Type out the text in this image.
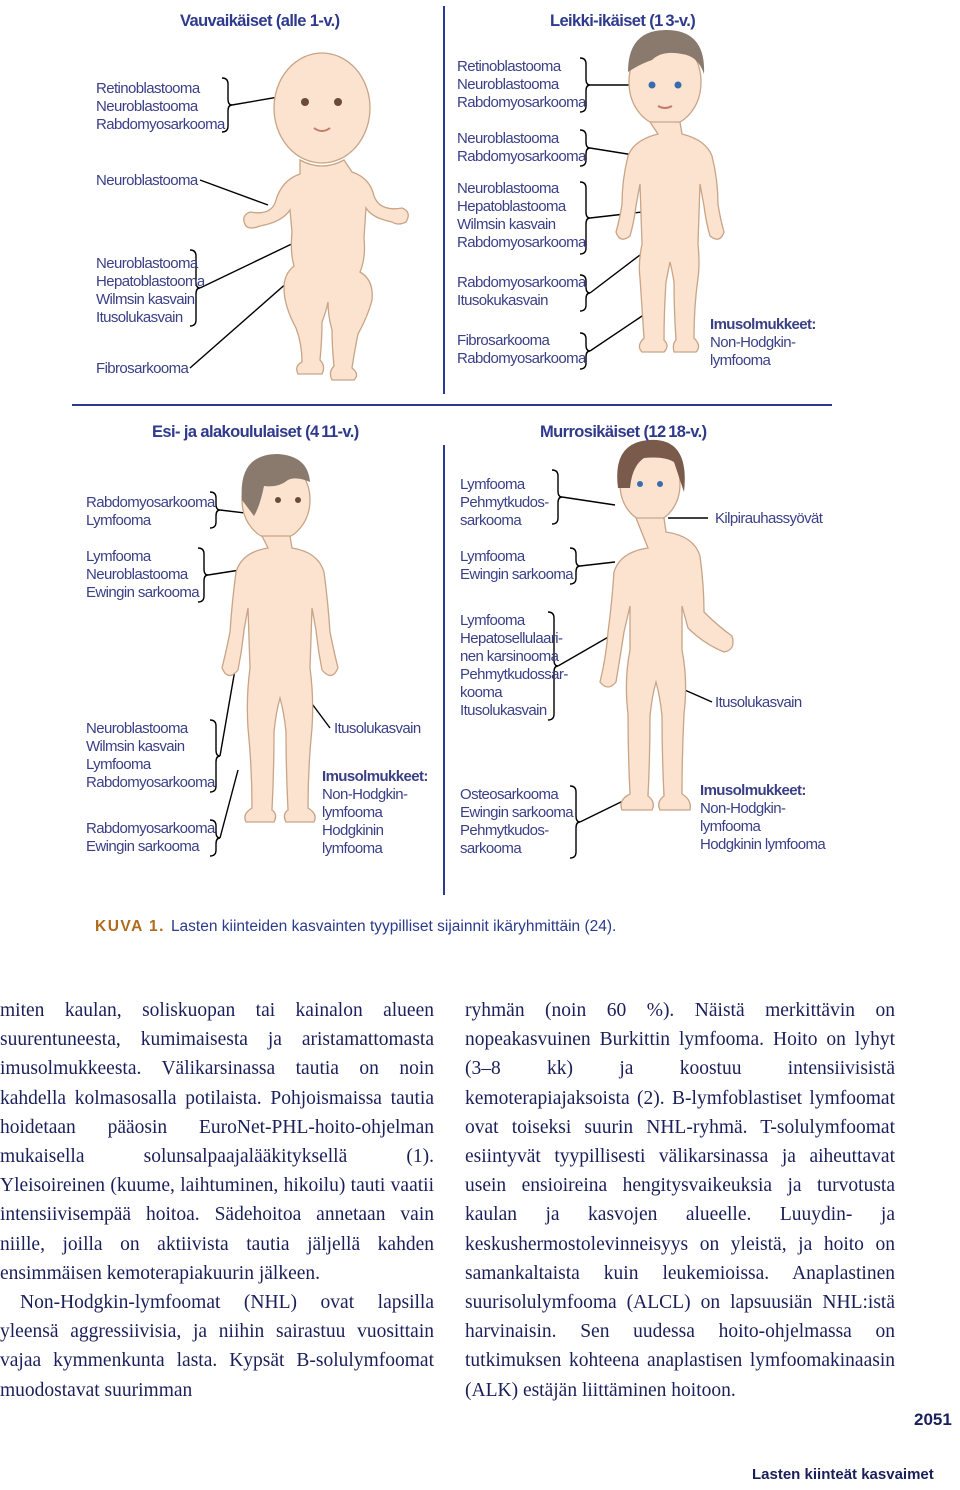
Vauvaikäiset (alle 1-v.)
Retinoblastooma
Neuroblastooma
Rabdomyosarkooma
Neuroblastooma
Neuroblastooma
Hepatoblastooma
Wilmsin kasvain
Itusolukasvain
Fibrosarkooma
Leikki-ikäiset (1 3-v.)
Retinoblastooma
Neuroblastooma
Rabdomyosarkooma
Neuroblastooma
Rabdomyosarkooma
Neuroblastooma
Hepatoblastooma
Wilmsin kasvain
Rabdomyosarkooma
Rabdomyosarkooma
Itusokukasvain
Fibrosarkooma
Rabdomyosarkooma
Imusolmukkeet:
Non-Hodgkin-
lymfooma
Esi- ja alakoululaiset (4 11-v.)
Rabdomyosarkooma
Lymfooma
Lymfooma
Neuroblastooma
Ewingin sarkooma
Neuroblastooma
Wilmsin kasvain
Lymfooma
Rabdomyosarkooma
Rabdomyosarkooma
Ewingin sarkooma
Itusolukasvain
Imusolmukkeet:
Non-Hodgkin-
lymfooma
Hodgkinin
lymfooma
Murrosikäiset (12 18-v.)
Lymfooma
Pehmytkudos-
sarkooma
Lymfooma
Ewingin sarkooma
Lymfooma
Hepatosellulaari-
nen karsinooma
Pehmytkudossar-
kooma
Itusolukasvain
Osteosarkooma
Ewingin sarkooma
Pehmytkudos-
sarkooma
Kilpirauhassyövät
Itusolukasvain
Imusolmukkeet:
Non-Hodgkin-
lymfooma
Hodgkinin lymfooma
KUVA 1. Lasten kiinteiden kasvainten tyypilliset sijainnit ikäryhmittäin (24).

miten kaulan, soliskuopan tai kainalon alueen suurentuneesta, kumimaisesta ja aristamattomasta imusolmukkeesta. Välikarsinassa tautia on noin kahdella kolmasosalla potilaista. Pohjoismaissa tautia hoidetaan pääosin EuroNet-PHL-hoito-ohjelman mukaisella solunsalpaajalääkityksellä (1). Yleisoireinen (kuume, laihtuminen, hikoilu) tauti vaatii intensiivisempää hoitoa. Sädehoitoa annetaan vain niille, joilla on aktiivista tautia jäljellä kahden ensimmäisen kemoterapiakuurin jälkeen.

Non-Hodgkin-lymfoomat (NHL) ovat lapsilla yleensä aggressiivisia, ja niihin sairastuu vuosittain vajaa kymmenkunta lasta. Kypsät B-solulymfoomat muodostavat suurimman

ryhmän (noin 60 %). Näistä merkittävin on nopeakasvuinen Burkittin lymfooma. Hoito on lyhyt (3–8 kk) ja koostuu intensiivisistä kemoterapiajaksoista (2). B-lymfoblastiset lymfoomat ovat toiseksi suurin NHL-ryhmä. T-solulymfoomat esiintyvät tyypillisesti välikarsinassa ja aiheuttavat usein ensioireina hengitysvaikeuksia ja turvotusta kaulan ja kasvojen alueelle. Luuydin- ja keskushermostolevinneisyys on yleistä, ja hoito on samankaltaista kuin leukemioissa. Anaplastinen suurisolulymfooma (ALCL) on lapsuusiän NHL:istä harvinaisin. Sen uudessa hoito-ohjelmassa on tutkimuksen kohteena anaplastisen lymfoomakinaasin (ALK) estäjän liittäminen hoitoon.

2051
Lasten kiinteät kasvaimet
